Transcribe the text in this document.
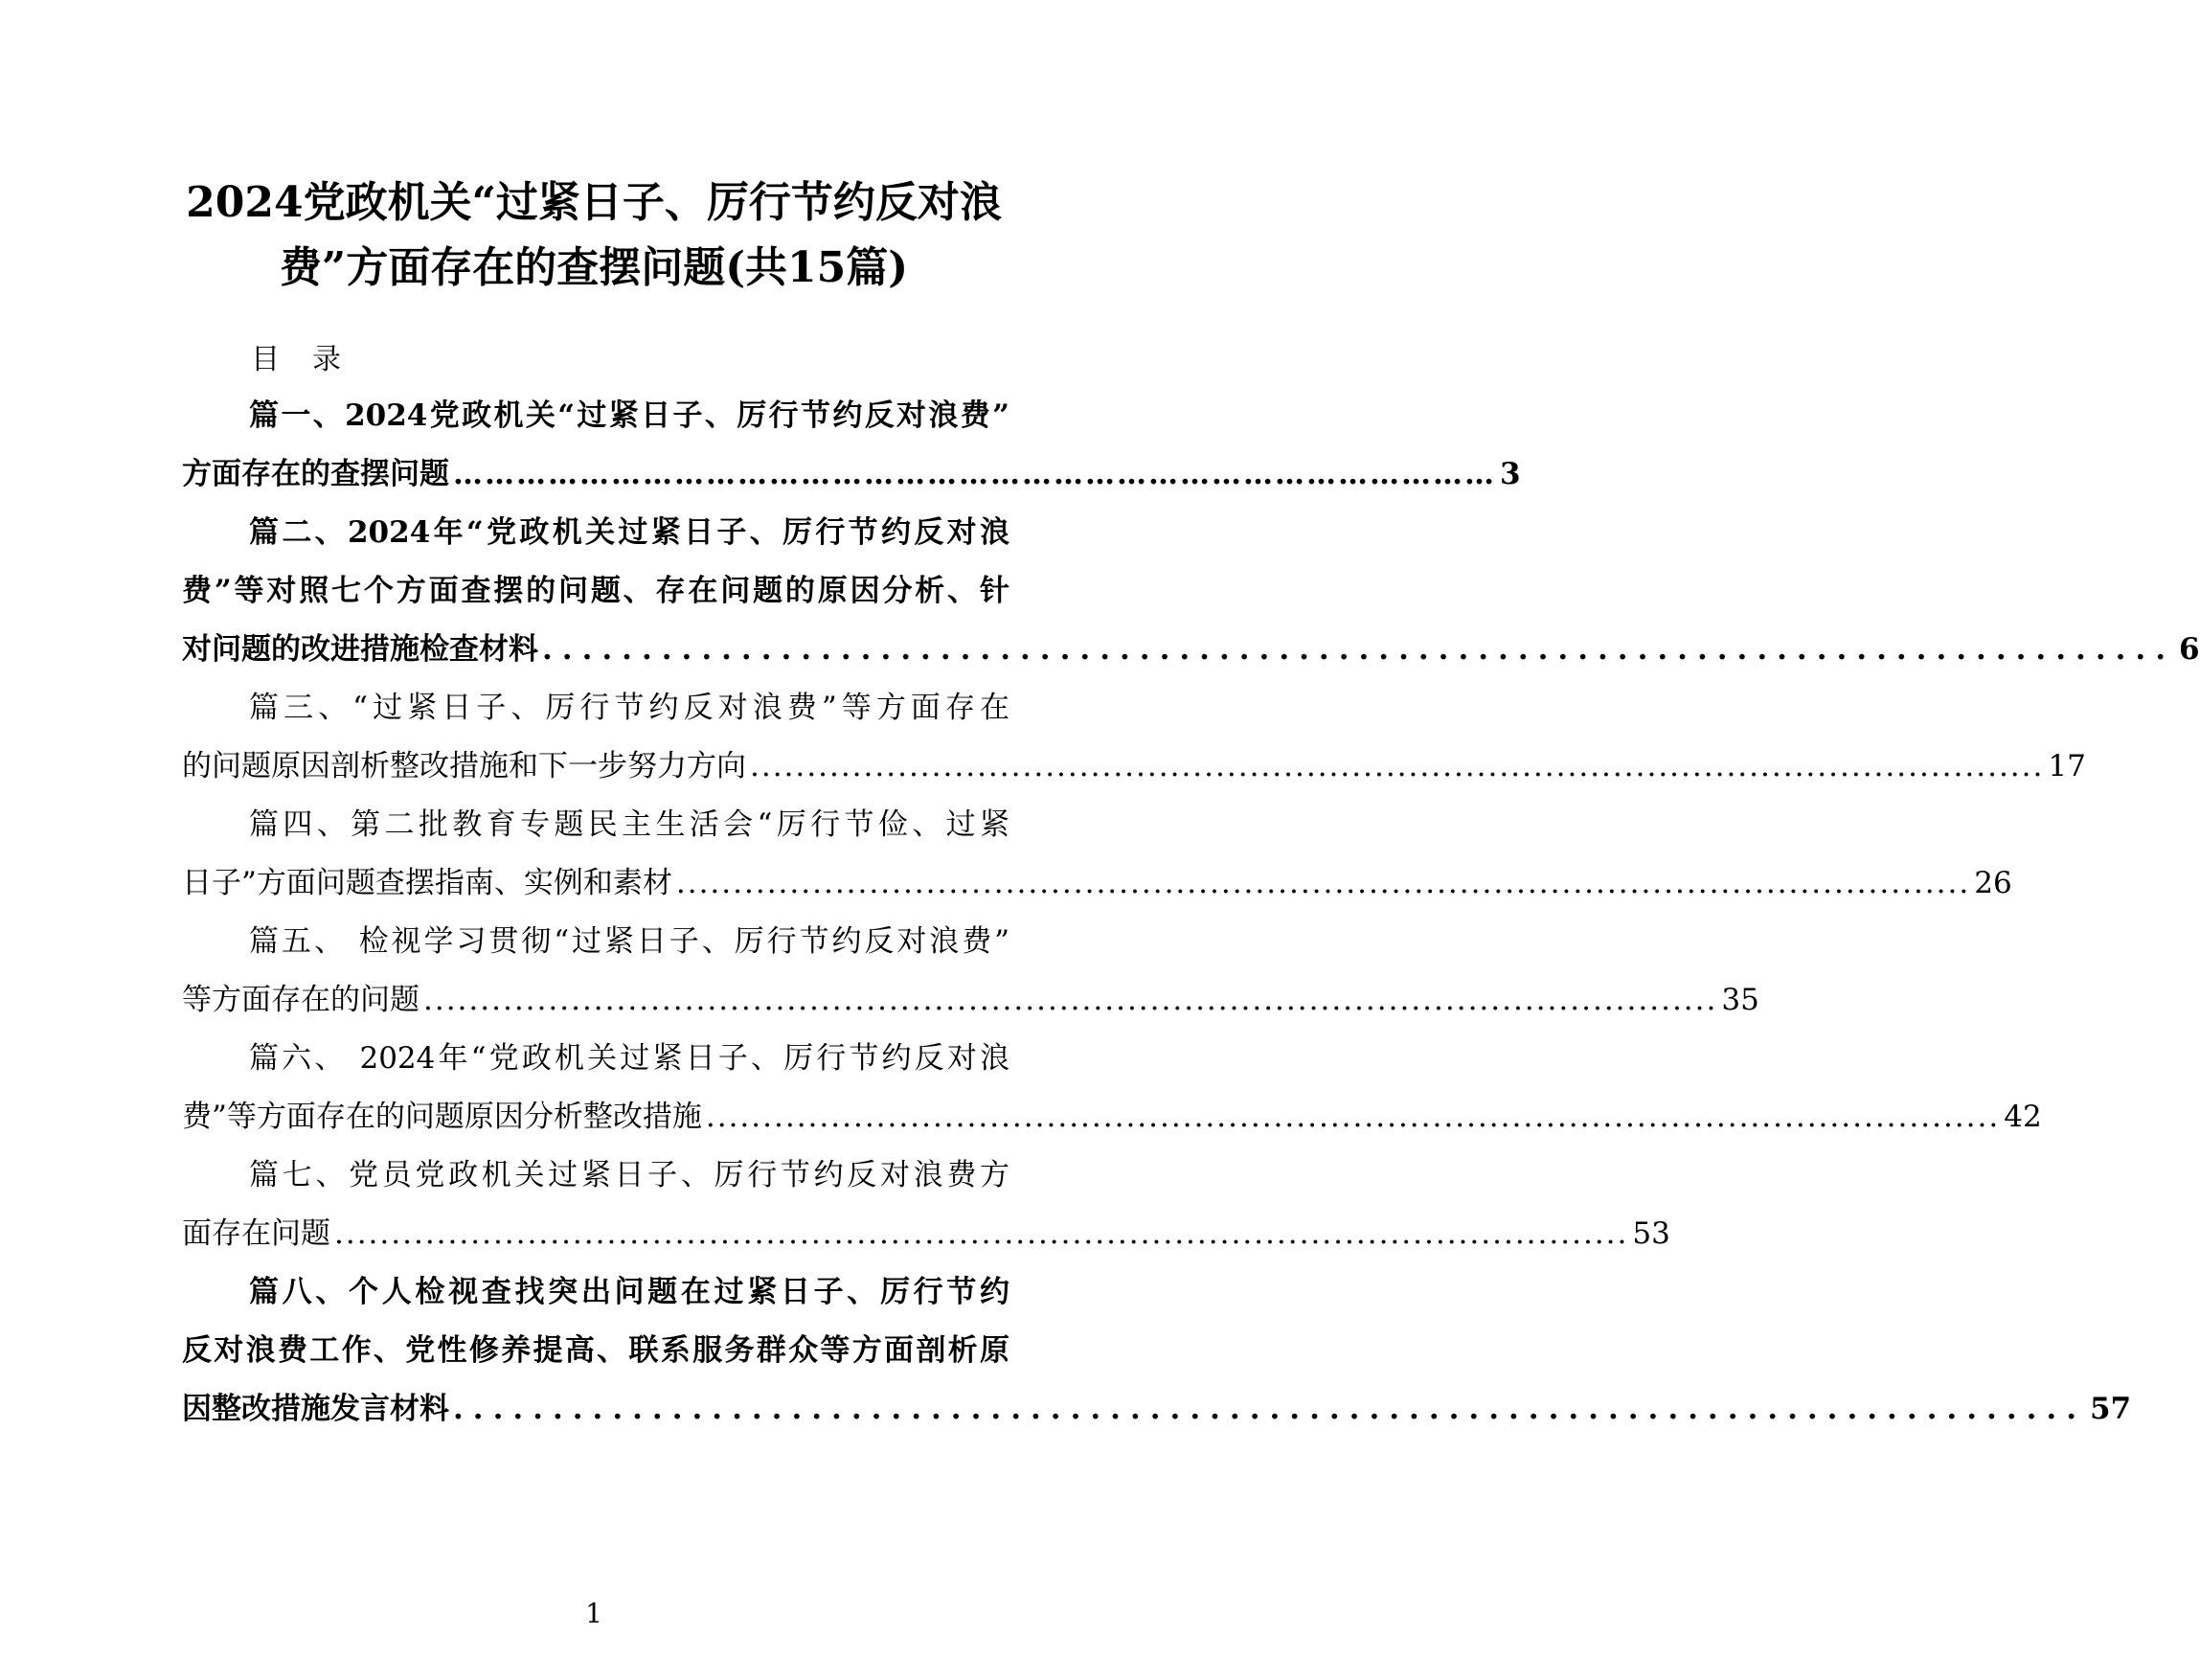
2024党政机关“过紧日子、厉行节约反对浪
费”方面存在的查摆问题(共15篇)
目录
篇一、2024党政机关“过紧日子、厉行节约反对浪费”
方面存在的查摆问题 ……………………………………………………………………………………… 3
篇二、2024年“党政机关过紧日子、厉行节约反对浪
费”等对照七个方面查摆的问题、存在问题的原因分析、针
对问题的改进措施检查材料 .................................................................................. 6
篇三、“过紧日子、厉行节约反对浪费”等方面存在
的问题原因剖析整改措施和下一步努力方向 .................................................................................................................. 17
篇四、第二批教育专题民主生活会“厉行节俭、过紧
日子”方面问题查摆指南、实例和素材 .................................................................................................................. 26
篇五、 检视学习贯彻“过紧日子、厉行节约反对浪费”
等方面存在的问题 .................................................................................................................. 35
篇六、 2024年“党政机关过紧日子、厉行节约反对浪
费”等方面存在的问题原因分析整改措施 .................................................................................................................. 42
篇七、党员党政机关过紧日子、厉行节约反对浪费方
面存在问题 .................................................................................................................. 53
篇八、个人检视查找突出问题在过紧日子、厉行节约
反对浪费工作、党性修养提高、联系服务群众等方面剖析原
因整改措施发言材料 .................................................................................. 57
1
